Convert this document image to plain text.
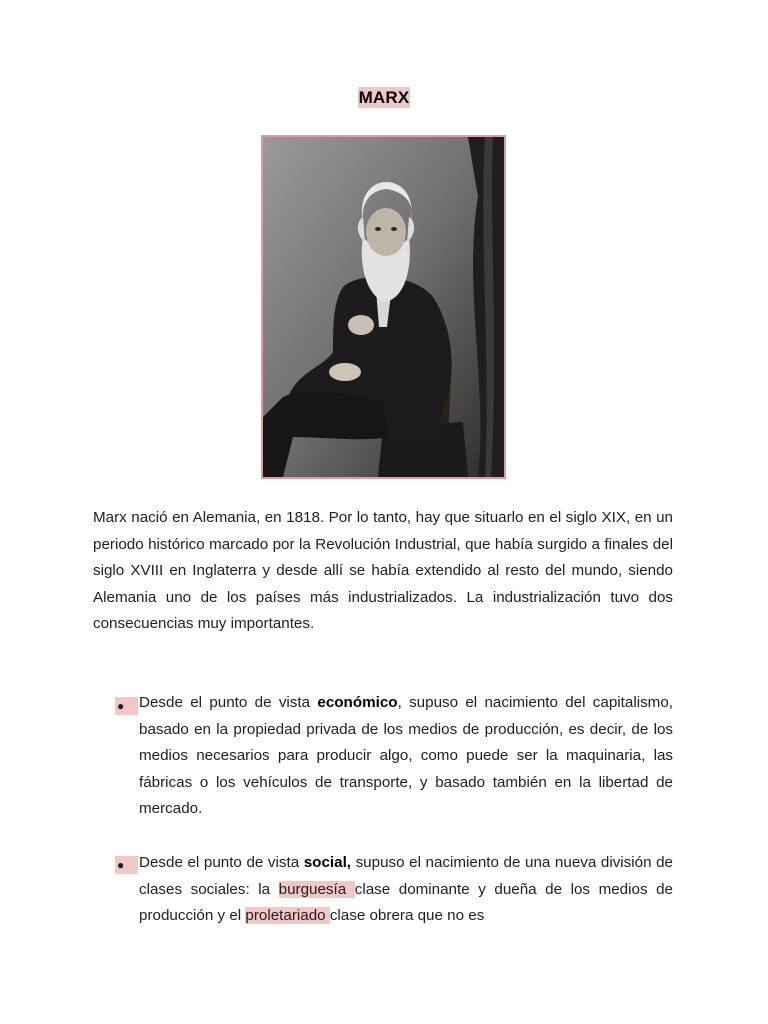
MARX

Marx nació en Alemania, en 1818. Por lo tanto, hay que situarlo en el siglo XIX, en un periodo histórico marcado por la Revolución Industrial, que había surgido a finales del siglo XVIII en Inglaterra y desde allí se había extendido al resto del mundo, siendo Alemania uno de los países más industrializados. La industrialización tuvo dos consecuencias muy importantes.

● Desde el punto de vista económico, supuso el nacimiento del capitalismo, basado en la propiedad privada de los medios de producción, es decir, de los medios necesarios para producir algo, como puede ser la maquinaria, las fábricas o los vehículos de transporte, y basado también en la libertad de mercado.

● Desde el punto de vista social, supuso el nacimiento de una nueva división de clases sociales: la burguesía clase dominante y dueña de los medios de producción y el proletariado clase obrera que no es
